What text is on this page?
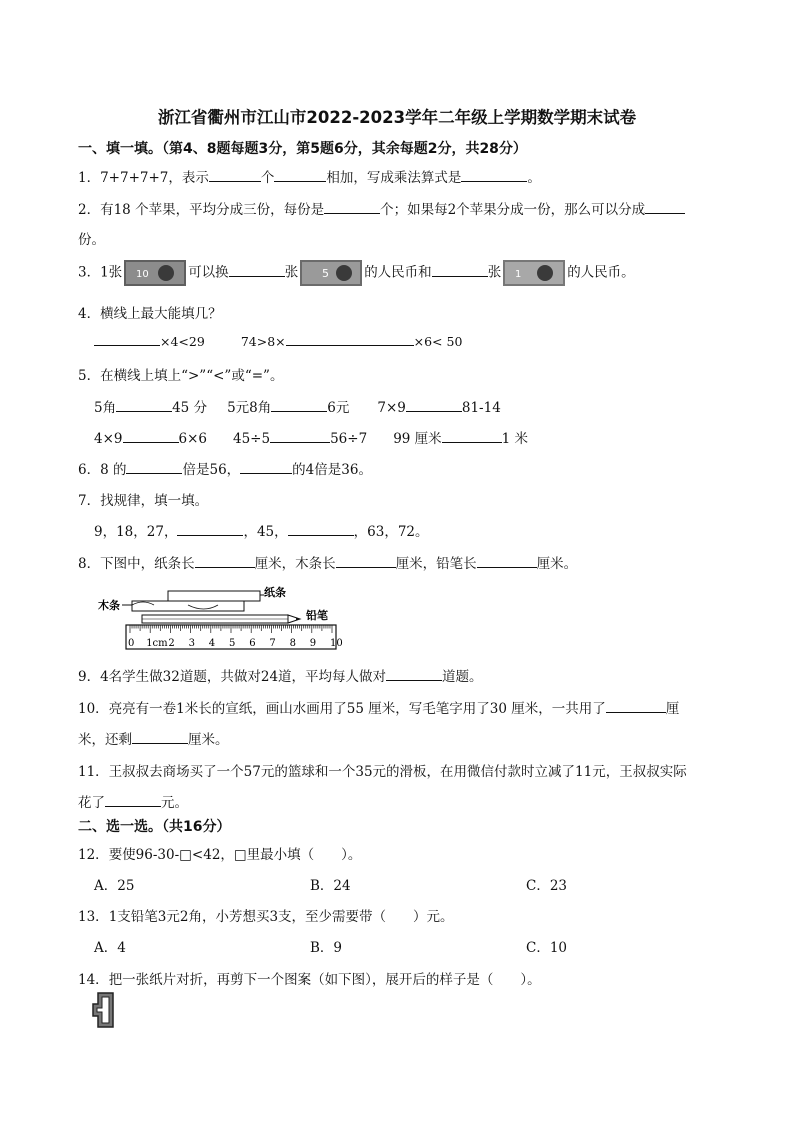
浙江省衢州市江山市2022-2023学年二年级上学期数学期末试卷
一、填一填。（第4、8题每题3分，第5题6分，其余每题2分，共28分）
1．7+7+7+7，表示	个	相加，写成乘法算式是	。
2．有18 个苹果，平均分成三份，每份是	个；如果每2个苹果分成一份，那么可以分成
份。
3．1张 10	可以换	张 5	的人民币和	张 1	的人民币。
4．横线上最大能填几？
×4<29	74>8×	×6< 50
5．在横线上填上“>”“<”或“=”。
5角	45 分 5元8角	6元 7×9	81-14
4×9	6×6 45÷5	56÷7 99 厘米	1 米
6．8 的	倍是56，	的4倍是36。
7．找规律，填一填。
9，18，27，	，45，	，63，72。
8．下图中，纸条长	厘米，木条长	厘米，铅笔长	厘米。
木条
纸条
铅笔
0 1cm 2 3 4 5 6 7 8 9 10
9．4名学生做32道题，共做对24道，平均每人做对	道题。
10．亮亮有一卷1米长的宣纸，画山水画用了55 厘米，写毛笔字用了30 厘米，一共用了	厘
米，还剩	厘米。
11．王叔叔去商场买了一个57元的篮球和一个35元的滑板，在用微信付款时立减了11元，王叔叔实际
花了	元。
二、选一选。（共16分）
12．要使96-30-□<42，□里最小填（　　）。
A．25	B．24	C．23
13．1支铅笔3元2角，小芳想买3支，至少需要带（　　）元。
A．4	B．9	C．10
14．把一张纸片对折，再剪下一个图案（如下图），展开后的样子是（　　）。
